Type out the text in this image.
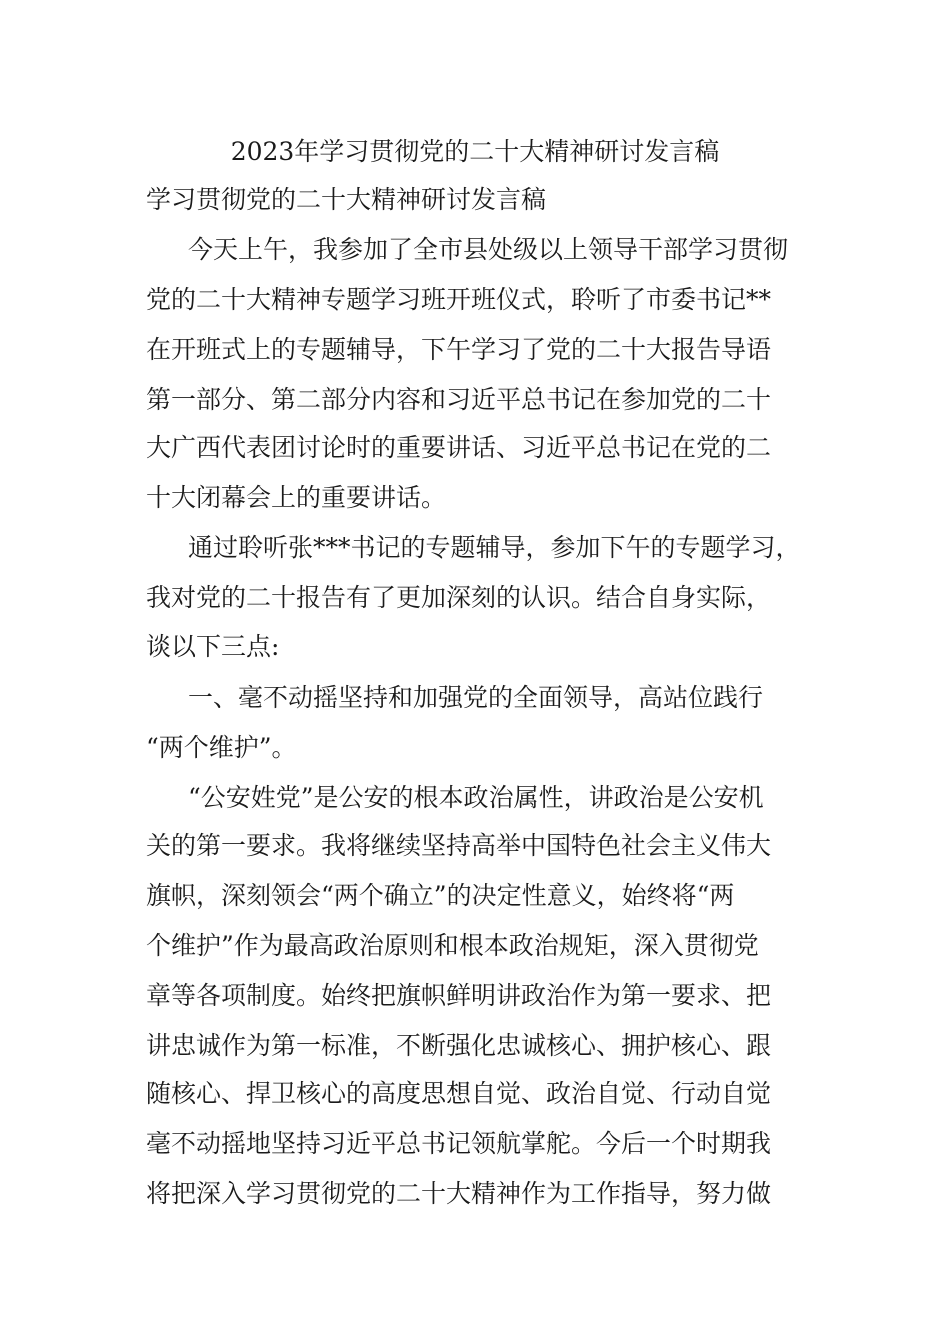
2023年学习贯彻党的二十大精神研讨发言稿
学习贯彻党的二十大精神研讨发言稿
今天上午，我参加了全市县处级以上领导干部学习贯彻
党的二十大精神专题学习班开班仪式，聆听了市委书记**
在开班式上的专题辅导，下午学习了党的二十大报告导语
第一部分、第二部分内容和习近平总书记在参加党的二十
大广西代表团讨论时的重要讲话、习近平总书记在党的二
十大闭幕会上的重要讲话。
通过聆听张***书记的专题辅导，参加下午的专题学习，
我对党的二十报告有了更加深刻的认识。结合自身实际，
谈以下三点:
一、毫不动摇坚持和加强党的全面领导，高站位践行
“两个维护”。
“公安姓党”是公安的根本政治属性，讲政治是公安机
关的第一要求。我将继续坚持高举中国特色社会主义伟大
旗帜，深刻领会“两个确立”的决定性意义，始终将“两
个维护”作为最高政治原则和根本政治规矩，深入贯彻党
章等各项制度。始终把旗帜鲜明讲政治作为第一要求、把
讲忠诚作为第一标准，不断强化忠诚核心、拥护核心、跟
随核心、捍卫核心的高度思想自觉、政治自觉、行动自觉
毫不动摇地坚持习近平总书记领航掌舵。今后一个时期我
将把深入学习贯彻党的二十大精神作为工作指导，努力做
